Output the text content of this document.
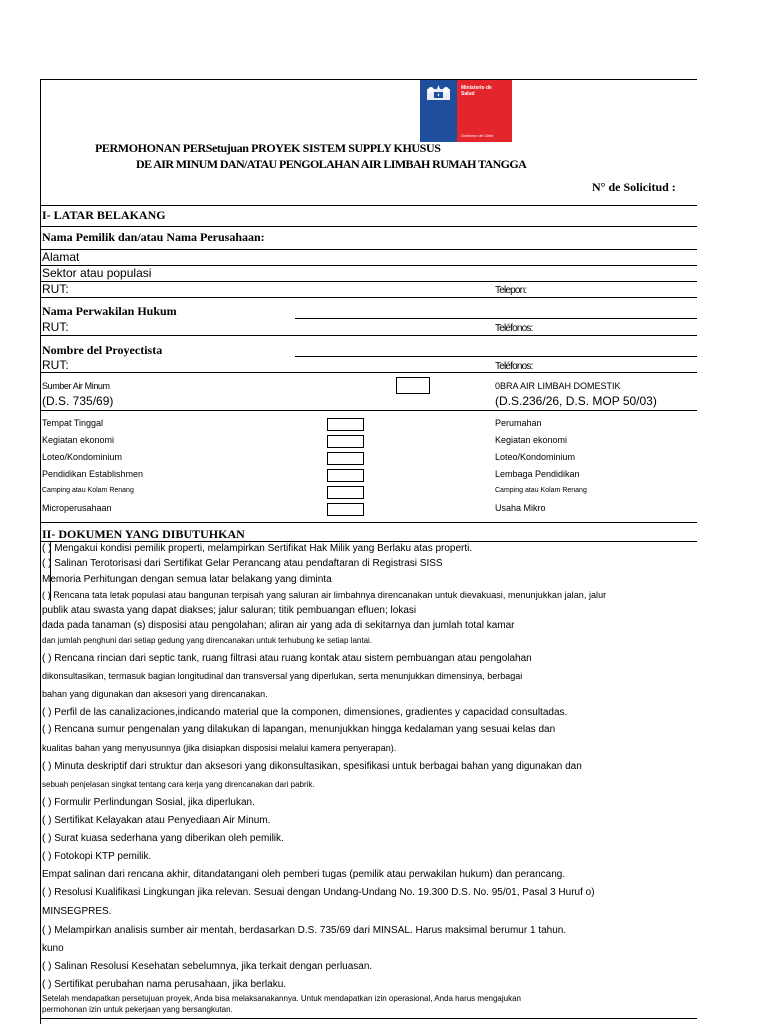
Ministerio de
Salud
Gobierno de Chile
PERMOHONAN PERSetujuan PROYEK SISTEM SUPPLY KHUSUS
DE AIR MINUM DAN/ATAU PENGOLAHAN AIR LIMBAH RUMAH TANGGA
N° de Solicitud :
I- LATAR BELAKANG
Nama Pemilik dan/atau Nama Perusahaan:
Alamat
Sektor atau populasi
RUT:	Telepon:
Nama Perwakilan Hukum
RUT:	Teléfonos:
Nombre del Proyectista
RUT:	Teléfonos:
Sumber Air Minum
(D.S. 735/69)
0BRA AIR LIMBAH DOMESTIK
(D.S.236/26, D.S. MOP 50/03)
Tempat Tinggal	Perumahan
Kegiatan ekonomi	Kegiatan ekonomi
Loteo/Kondominium	Loteo/Kondominium
Pendidikan Establishmen	Lembaga Pendidikan
Camping atau Kolam Renang	Camping atau Kolam Renang
Microperusahaan	Usaha Mikro
II- DOKUMEN YANG DIBUTUHKAN
( ) Mengakui kondisi pemilik properti, melampirkan Sertifikat Hak Milik yang Berlaku atas properti.
( ) Salinan Terotorisasi dari Sertifikat Gelar Perancang atau pendaftaran di Registrasi SISS
Memoria Perhitungan dengan semua latar belakang yang diminta
( ) Rencana tata letak populasi atau bangunan terpisah yang saluran air limbahnya direncanakan untuk dievakuasi, menunjukkan jalan, jalur
publik atau swasta yang dapat diakses; jalur saluran; titik pembuangan efluen; lokasi
dada pada tanaman (s) disposisi atau pengolahan; aliran air yang ada di sekitarnya dan jumlah total kamar
dan jumlah penghuni dari setiap gedung yang direncanakan untuk terhubung ke setiap lantai.
( ) Rencana rincian dari septic tank, ruang filtrasi atau ruang kontak atau sistem pembuangan atau pengolahan
dikonsultasikan, termasuk bagian longitudinal dan transversal yang diperlukan, serta menunjukkan dimensinya, berbagai
bahan yang digunakan dan aksesori yang direncanakan.
( ) Perfil de las canalizaciones,indicando material que la componen, dimensiones, gradientes y capacidad consultadas.
( ) Rencana sumur pengenalan yang dilakukan di lapangan, menunjukkan hingga kedalaman yang sesuai kelas dan
kualitas bahan yang menyusunnya (jika disiapkan disposisi melalui kamera penyerapan).
( ) Minuta deskriptif dari struktur dan aksesori yang dikonsultasikan, spesifikasi untuk berbagai bahan yang digunakan dan
sebuah penjelasan singkat tentang cara kerja yang direncanakan dari pabrik.
( ) Formulir Perlindungan Sosial, jika diperlukan.
( ) Sertifikat Kelayakan atau Penyediaan Air Minum.
( ) Surat kuasa sederhana yang diberikan oleh pemilik.
( ) Fotokopi KTP pemilik.
Empat salinan dari rencana akhir, ditandatangani oleh pemberi tugas (pemilik atau perwakilan hukum) dan perancang.
( ) Resolusi Kualifikasi Lingkungan jika relevan. Sesuai dengan Undang-Undang No. 19.300 D.S. No. 95/01, Pasal 3 Huruf o)
MINSEGPRES.
( ) Melampirkan analisis sumber air mentah, berdasarkan D.S. 735/69 dari MINSAL. Harus maksimal berumur 1 tahun.
kuno
( ) Salinan Resolusi Kesehatan sebelumnya, jika terkait dengan perluasan.
( ) Sertifikat perubahan nama perusahaan, jika berlaku.
Setelah mendapatkan persetujuan proyek, Anda bisa melaksanakannya. Untuk mendapatkan izin operasional, Anda harus mengajukan
permohonan izin untuk pekerjaan yang bersangkutan.
